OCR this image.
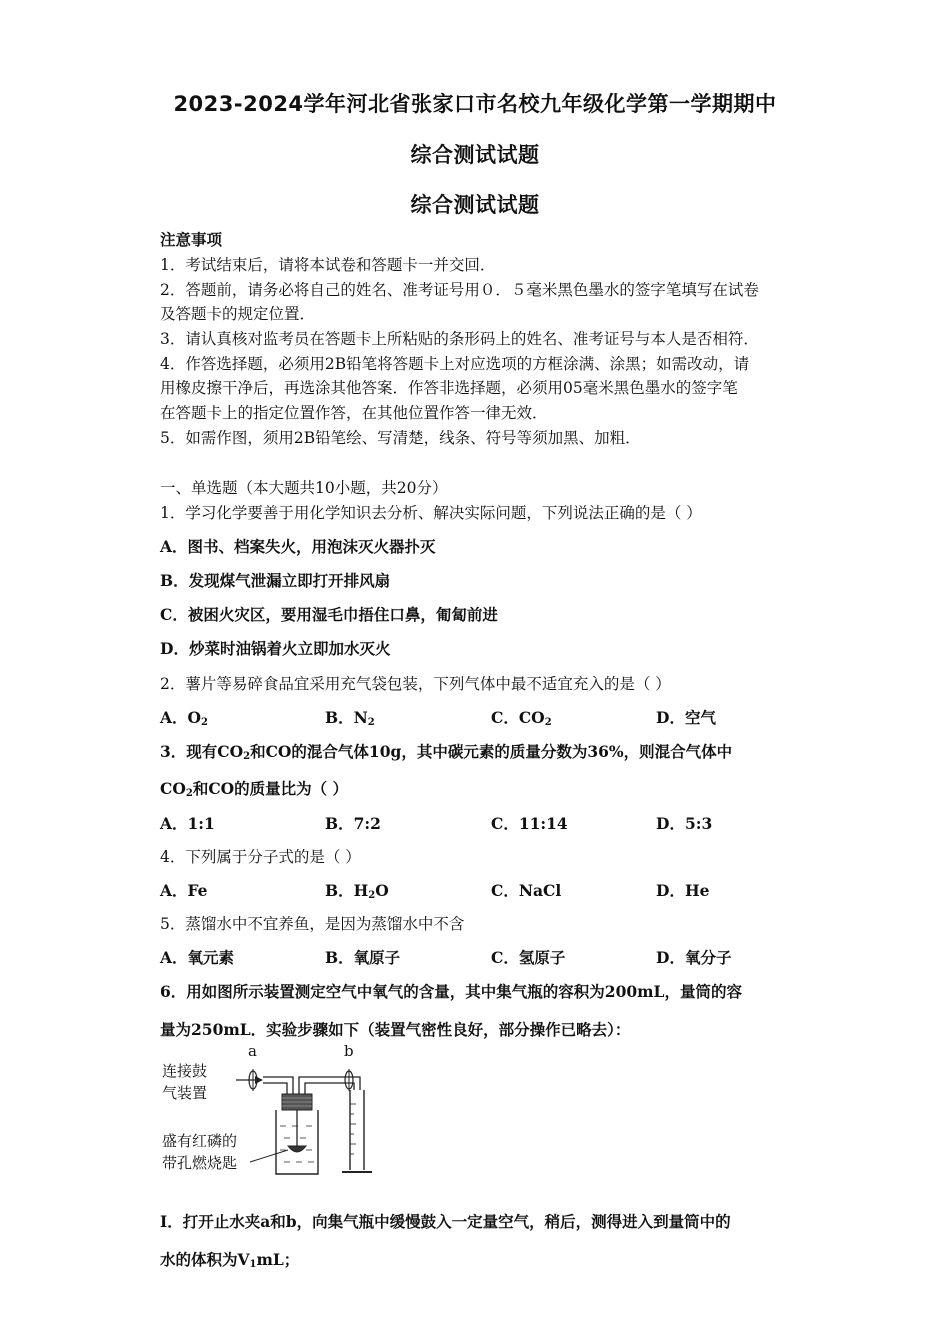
2023-2024学年河北省张家口市名校九年级化学第一学期期中
综合测试试题
综合测试试题
注意事项
1．考试结束后，请将本试卷和答题卡一并交回．
2．答题前，请务必将自己的姓名、准考证号用０．５毫米黑色墨水的签字笔填写在试卷
及答题卡的规定位置．
3．请认真核对监考员在答题卡上所粘贴的条形码上的姓名、准考证号与本人是否相符．
4．作答选择题，必须用2B铅笔将答题卡上对应选项的方框涂满、涂黑；如需改动，请
用橡皮擦干净后，再选涂其他答案．作答非选择题，必须用05毫米黑色墨水的签字笔
在答题卡上的指定位置作答，在其他位置作答一律无效．
5．如需作图，须用2B铅笔绘、写清楚，线条、符号等须加黑、加粗．
一、单选题（本大题共10小题，共20分）
1．学习化学要善于用化学知识去分析、解决实际问题，下列说法正确的是（ ）
A．图书、档案失火，用泡沫灭火器扑灭
B．发现煤气泄漏立即打开排风扇
C．被困火灾区，要用湿毛巾捂住口鼻，匍匐前进
D．炒菜时油锅着火立即加水灭火
2．薯片等易碎食品宜采用充气袋包装，下列气体中最不适宜充入的是（ ）
A．$O_2$	B．$N_2$	C．$CO_2$	D．空气
3．现有$CO_2$和CO的混合气体10g，其中碳元素的质量分数为36%，则混合气体中
$CO_2$和CO的质量比为（ ）
A．1:1	B．7:2	C．11:14	D．5:3
4．下列属于分子式的是（ ）
A．Fe	B．$H_2O$	C．NaCl	D．He
5．蒸馏水中不宜养鱼，是因为蒸馏水中不含
A．氧元素	B．氧原子	C．氢原子	D．氧分子
6．用如图所示装置测定空气中氧气的含量，其中集气瓶的容积为200mL，量筒的容
量为250mL．实验步骤如下（装置气密性良好，部分操作已略去）：
a	b
连接鼓
气装置
盛有红磷的
带孔燃烧匙
I．打开止水夹a和b，向集气瓶中缓慢鼓入一定量空气，稍后，测得进入到量筒中的
水的体积为$V_1mL$；
